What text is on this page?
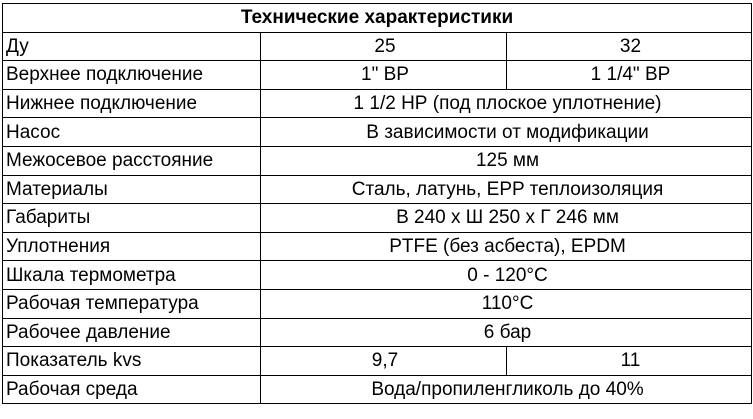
Технические характеристики		
Ду	25	32
Верхнее подключение	1" ВР	1 1/4" ВР
Нижнее подключение	1 1/2 НР (под плоское уплотнение)	
Насос	В зависимости от модификации	
Межосевое расстояние	125 мм	
Материалы	Сталь, латунь, EPP теплоизоляция	
Габариты	В 240 х Ш 250 х Г 246 мм	
Уплотнения	PTFE (без асбеста), EPDM	
Шкала термометра	0 - 120°С	
Рабочая температура	110°С	
Рабочее давление	6 бар	
Показатель kvs	9,7	11
Рабочая среда	Вода/пропиленгликоль до 40%	
